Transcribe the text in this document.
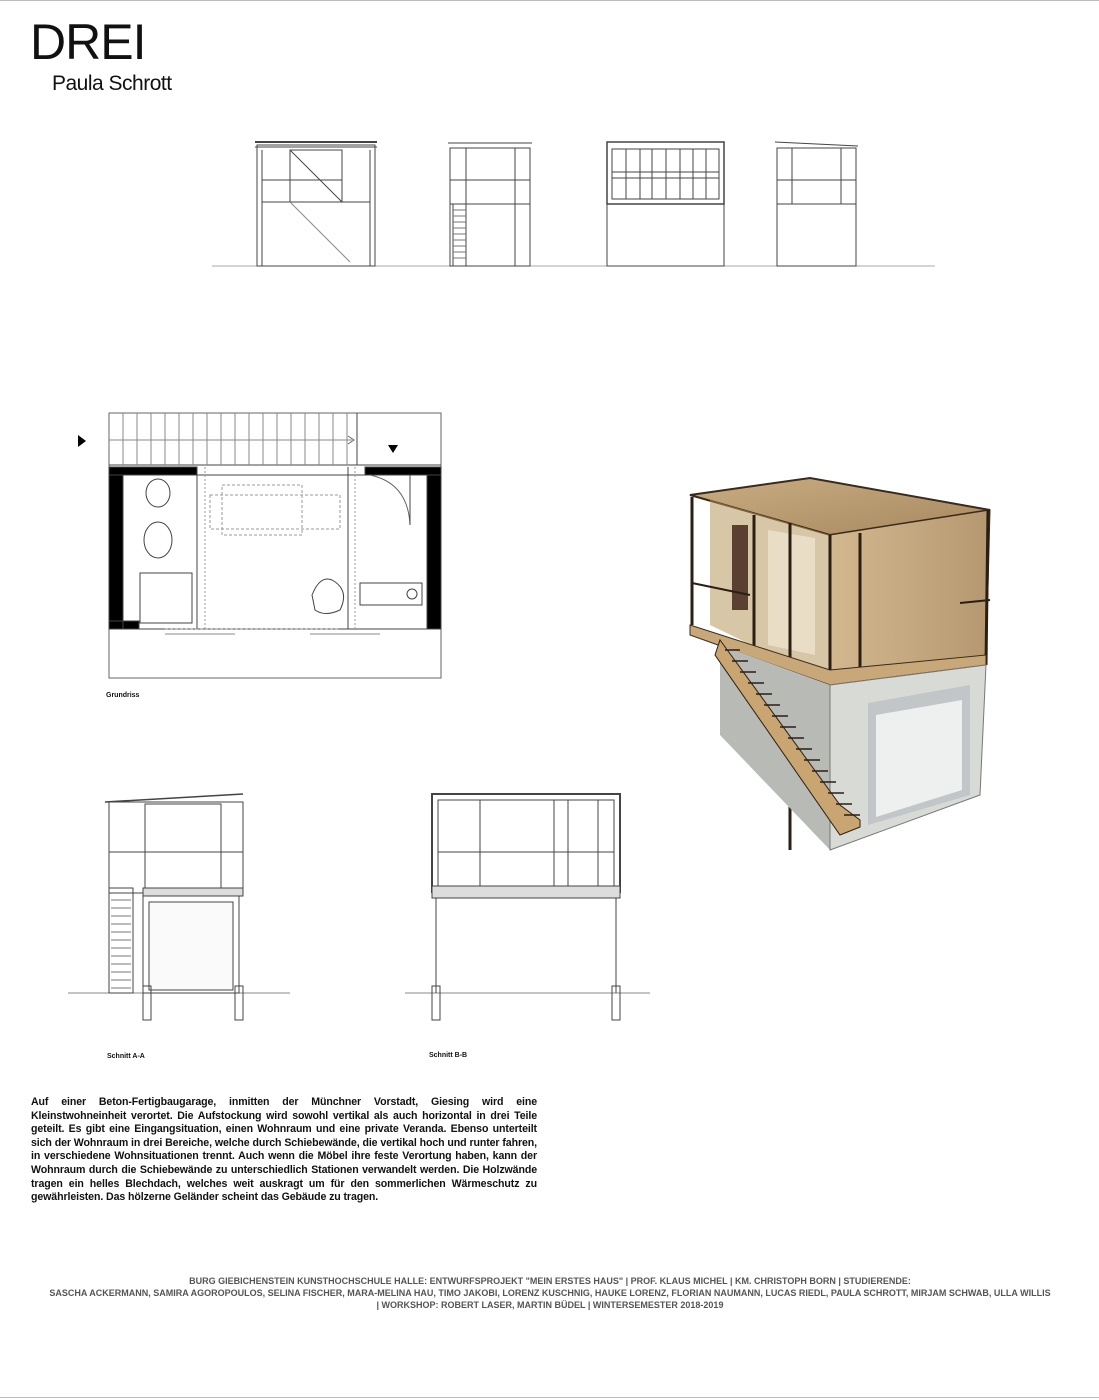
DREI
Paula Schrott
Grundriss
Schnitt A-A	Schnitt B-B
Auf einer Beton-Fertigbaugarage, inmitten der Münchner Vorstadt, Giesing wird eine Kleinstwohneinheit verortet. Die Aufstockung wird sowohl vertikal als auch horizontal in drei Teile geteilt. Es gibt eine Eingangsituation, einen Wohnraum und eine private Veranda. Ebenso unterteilt sich der Wohnraum in drei Bereiche, welche durch Schiebewände, die vertikal hoch und runter fahren, in verschiedene Wohnsituationen trennt. Auch wenn die Möbel ihre feste Verortung haben, kann der Wohnraum durch die Schiebewände zu unterschiedlich Stationen verwandelt werden. Die Holzwände tragen ein helles Blechdach, welches weit auskragt um für den sommerlichen Wärmeschutz zu gewährleisten. Das hölzerne Geländer scheint das Gebäude zu tragen.
BURG GIEBICHENSTEIN KUNSTHOCHSCHULE HALLE: ENTWURFSPROJEKT "MEIN ERSTES HAUS" | PROF. KLAUS MICHEL | KM. CHRISTOPH BORN | STUDIERENDE:
SASCHA ACKERMANN, SAMIRA AGOROPOULOS, SELINA FISCHER, MARA-MELINA HAU, TIMO JAKOBI, LORENZ KUSCHNIG, HAUKE LORENZ, FLORIAN NAUMANN, LUCAS RIEDL, PAULA SCHROTT, MIRJAM SCHWAB, ULLA WILLIS
| WORKSHOP: ROBERT LASER, MARTIN BÜDEL | WINTERSEMESTER 2018-2019
